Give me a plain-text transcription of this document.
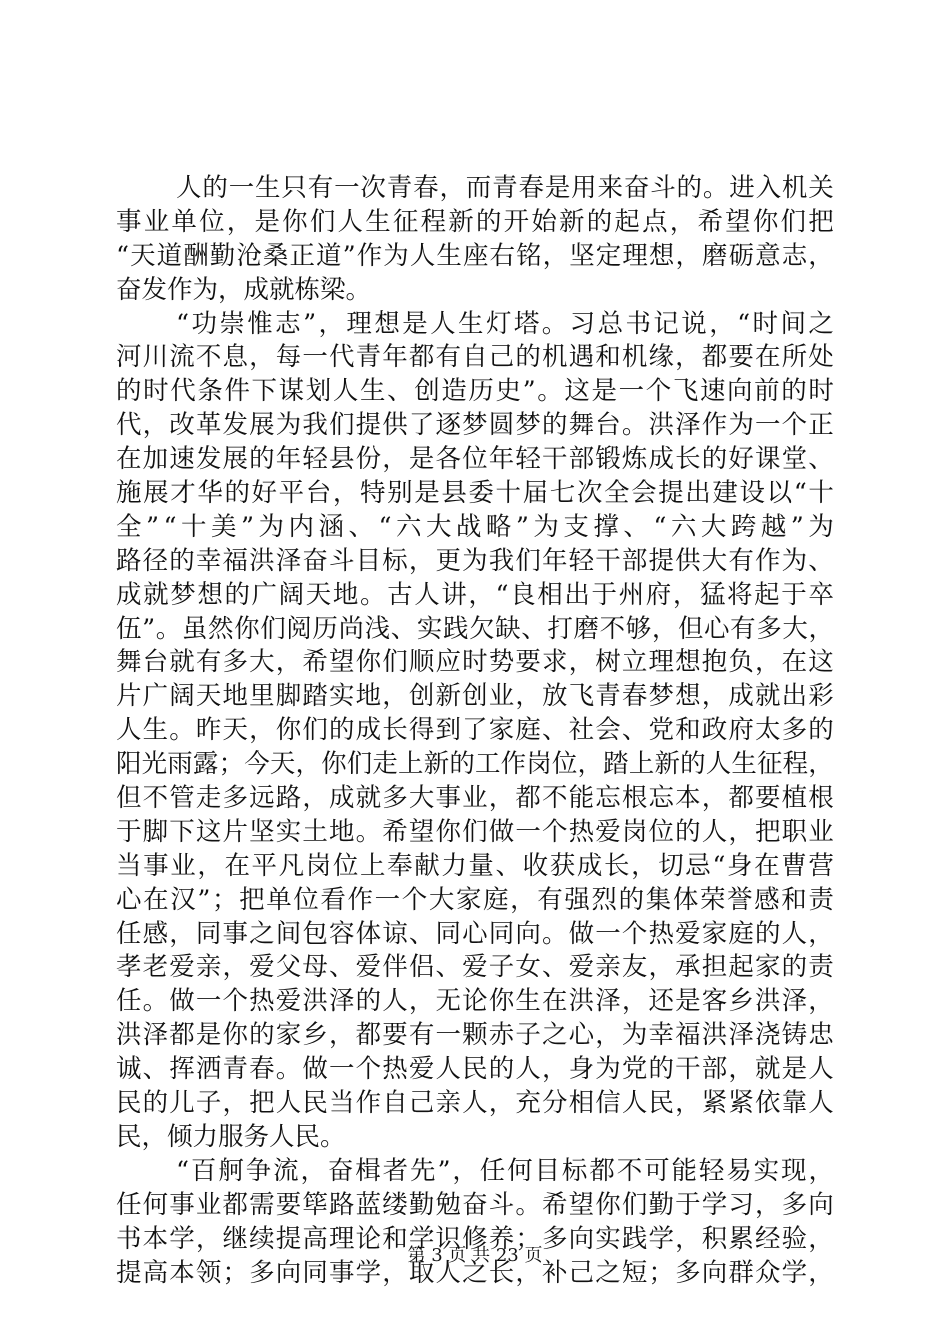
人 的 一 生 只 有 一 次 青 春 ， 而 青 春 是 用 来 奋 斗 的 。 进 入 机 关
事 业 单 位 ， 是 你 们 人 生 征 程 新 的 开 始 新 的 起 点 ， 希 望 你 们 把
“ 天 道 酬 勤 沧 桑 正 道 ” 作 为 人 生 座 右 铭 ， 坚 定 理 想 ， 磨 砺 意 志 ，
奋发作为，成就栋梁。
“ 功 崇 惟 志 ” ， 理 想 是 人 生 灯 塔 。 习 总 书 记 说 ， “ 时 间 之
河 川 流 不 息 ， 每 一 代 青 年 都 有 自 己 的 机 遇 和 机 缘 ， 都 要 在 所 处
的 时 代 条 件 下 谋 划 人 生 、 创 造 历 史 ” 。 这 是 一 个 飞 速 向 前 的 时
代 ， 改 革 发 展 为 我 们 提 供 了 逐 梦 圆 梦 的 舞 台 。 洪 泽 作 为 一 个 正
在 加 速 发 展 的 年 轻 县 份 ， 是 各 位 年 轻 干 部 锻 炼 成 长 的 好 课 堂 、
施 展 才 华 的 好 平 台 ， 特 别 是 县 委 十 届 七 次 全 会 提 出 建 设 以 “ 十
全 ” “ 十 美 ” 为 内 涵 、 “ 六 大 战 略 ” 为 支 撑 、 “ 六 大 跨 越 ” 为
路 径 的 幸 福 洪 泽 奋 斗 目 标 ， 更 为 我 们 年 轻 干 部 提 供 大 有 作 为 、
成 就 梦 想 的 广 阔 天 地 。 古 人 讲 ， “ 良 相 出 于 州 府 ， 猛 将 起 于 卒
伍 ” 。 虽 然 你 们 阅 历 尚 浅 、 实 践 欠 缺 、 打 磨 不 够 ， 但 心 有 多 大 ，
舞 台 就 有 多 大 ， 希 望 你 们 顺 应 时 势 要 求 ， 树 立 理 想 抱 负 ， 在 这
片 广 阔 天 地 里 脚 踏 实 地 ， 创 新 创 业 ， 放 飞 青 春 梦 想 ， 成 就 出 彩
人 生 。 昨 天 ， 你 们 的 成 长 得 到 了 家 庭 、 社 会 、 党 和 政 府 太 多 的
阳 光 雨 露 ； 今 天 ， 你 们 走 上 新 的 工 作 岗 位 ， 踏 上 新 的 人 生 征 程 ，
但 不 管 走 多 远 路 ， 成 就 多 大 事 业 ， 都 不 能 忘 根 忘 本 ， 都 要 植 根
于 脚 下 这 片 坚 实 土 地 。 希 望 你 们 做 一 个 热 爱 岗 位 的 人 ， 把 职 业
当 事 业 ， 在 平 凡 岗 位 上 奉 献 力 量 、 收 获 成 长 ， 切 忌 “ 身 在 曹 营
心 在 汉 ” ； 把 单 位 看 作 一 个 大 家 庭 ， 有 强 烈 的 集 体 荣 誉 感 和 责
任 感 ， 同 事 之 间 包 容 体 谅 、 同 心 同 向 。 做 一 个 热 爱 家 庭 的 人 ，
孝 老 爱 亲 ， 爱 父 母 、 爱 伴 侣 、 爱 子 女 、 爱 亲 友 ， 承 担 起 家 的 责
任 。 做 一 个 热 爱 洪 泽 的 人 ， 无 论 你 生 在 洪 泽 ， 还 是 客 乡 洪 泽 ，
洪 泽 都 是 你 的 家 乡 ， 都 要 有 一 颗 赤 子 之 心 ， 为 幸 福 洪 泽 浇 铸 忠
诚 、 挥 洒 青 春 。 做 一 个 热 爱 人 民 的 人 ， 身 为 党 的 干 部 ， 就 是 人
民 的 儿 子 ， 把 人 民 当 作 自 己 亲 人 ， 充 分 相 信 人 民 ， 紧 紧 依 靠 人
民，倾力服务人民。
“ 百 舸 争 流 ， 奋 楫 者 先 ” ， 任 何 目 标 都 不 可 能 轻 易 实 现 ，
任 何 事 业 都 需 要 筚 路 蓝 缕 勤 勉 奋 斗 。 希 望 你 们 勤 于 学 习 ， 多 向
书 本 学 ， 继 续 提 高 理 论 和 学 识 修 养 ； 多 向 实 践 学 ， 积 累 经 验 ，
提 高 本 领 ； 多 向 同 事 学 ， 取 人 之 长 ， 补 己 之 短 ； 多 向 群 众 学 ，
第 3 页 共 23 页
